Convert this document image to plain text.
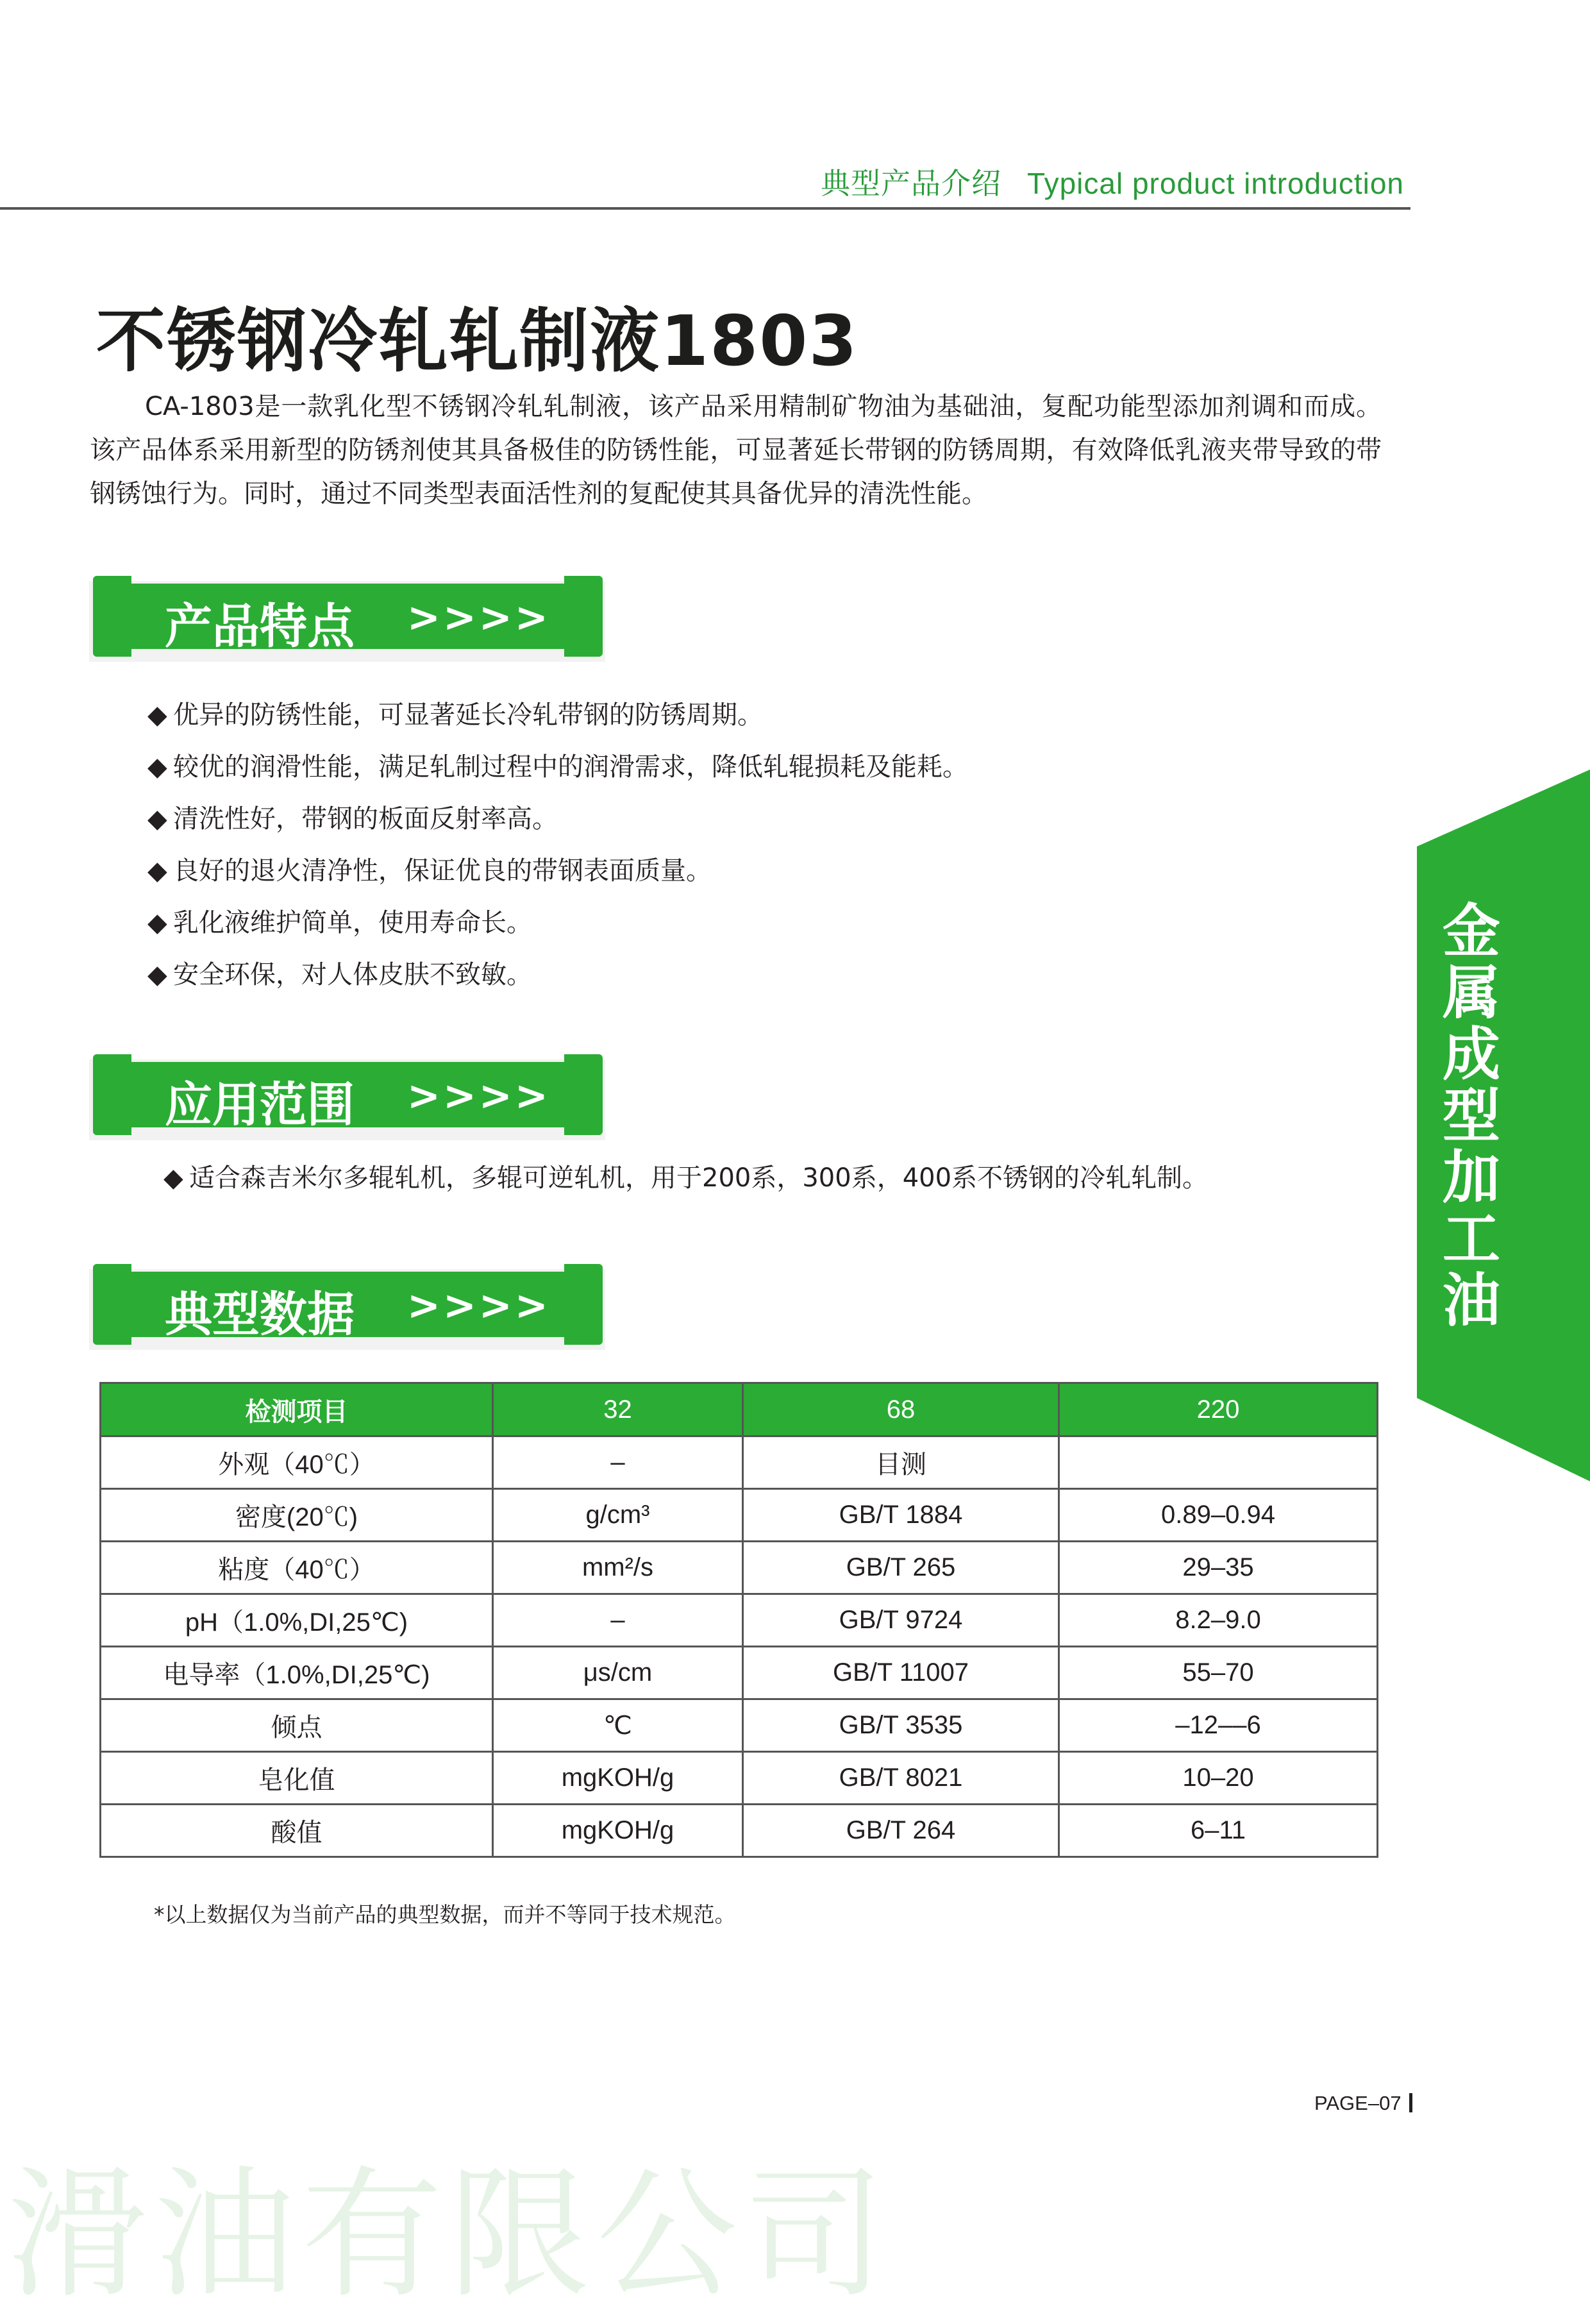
典型产品介绍 Typical product introduction
不锈钢冷轧轧制液1803

CA-1803是一款乳化型不锈钢冷轧轧制液，该产品采用精制矿物油为基础油，复配功能型添加剂调和而成。该产品体系采用新型的防锈剂使其具备极佳的防锈性能，可显著延长带钢的防锈周期，有效降低乳液夹带导致的带钢锈蚀行为。同时，通过不同类型表面活性剂的复配使其具备优异的清洗性能。

产品特点 >>>>
◆ 优异的防锈性能，可显著延长冷轧带钢的防锈周期。
◆ 较优的润滑性能，满足轧制过程中的润滑需求，降低轧辊损耗及能耗。
◆ 清洗性好，带钢的板面反射率高。
◆ 良好的退火清净性，保证优良的带钢表面质量。
◆ 乳化液维护简单，使用寿命长。
◆ 安全环保，对人体皮肤不致敏。
应用范围 >>>>
◆ 适合森吉米尔多辊轧机，多辊可逆轧机，用于200系，300系，400系不锈钢的冷轧轧制。
典型数据 >>>>
检测项目	32	68	220
外观（40℃）	–	目测	
密度(20℃)	g/cm³	GB/T 1884	0.89–0.94
粘度（40℃）	mm²/s	GB/T 265	29–35
pH（1.0%,DI,25℃)	–	GB/T 9724	8.2–9.0
电导率（1.0%,DI,25℃)	μs/cm	GB/T 11007	55–70
倾点	℃	GB/T 3535	–12––6
皂化值	mgKOH/g	GB/T 8021	10–20
酸值	mgKOH/g	GB/T 264	6–11
*以上数据仅为当前产品的典型数据，而并不等同于技术规范。
金属成型加工油
PAGE–07
滑油有限公司
